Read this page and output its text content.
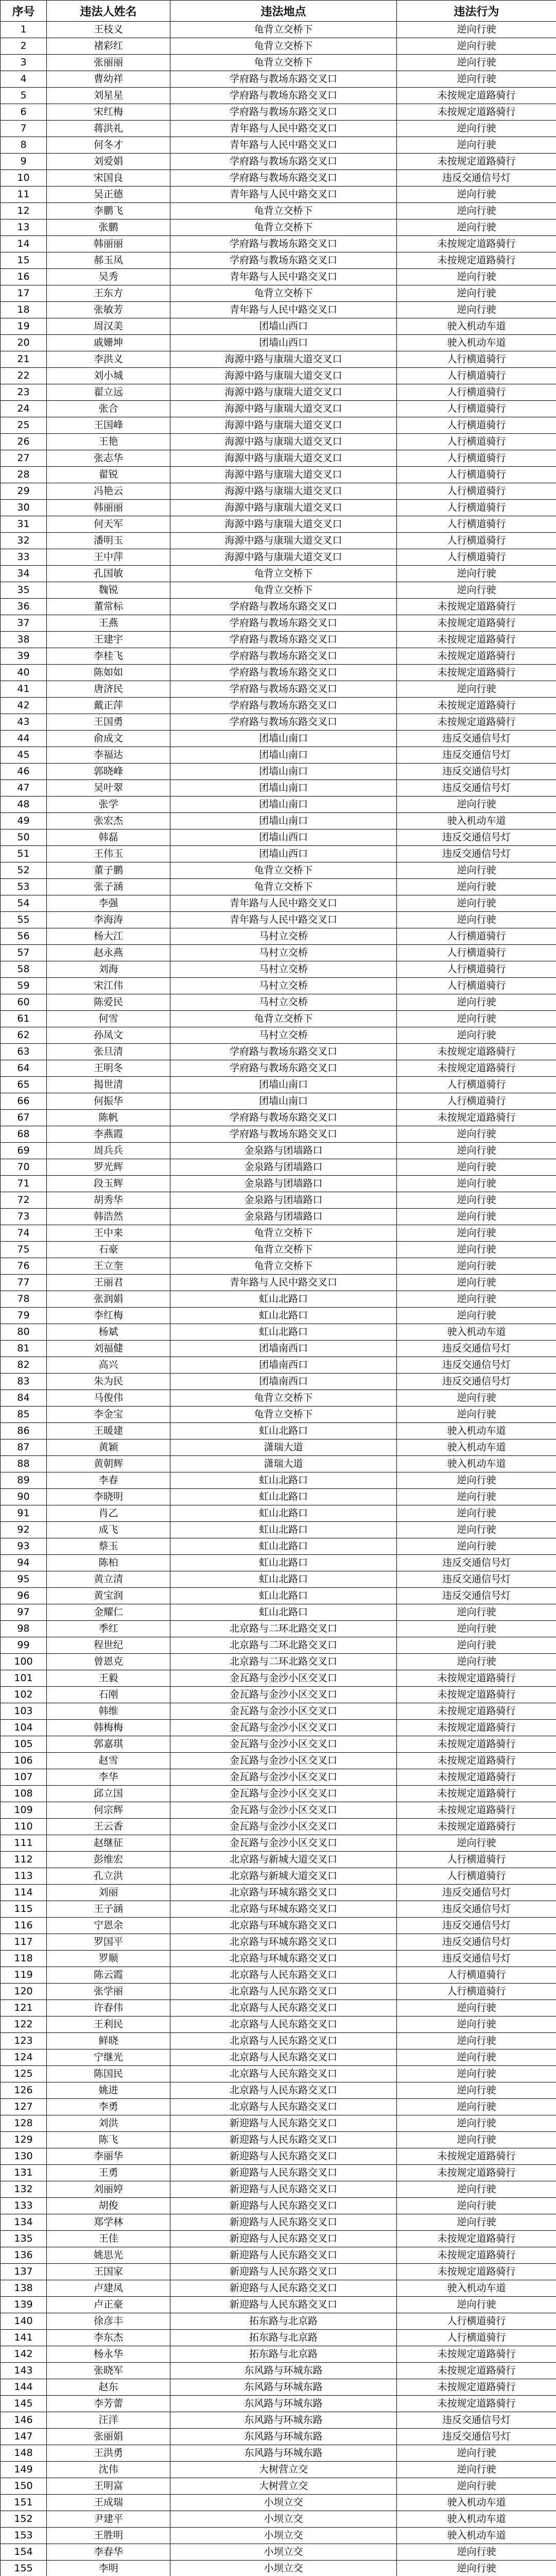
序号	违法人姓名	违法地点	违法行为
1	王枝义	龟背立交桥下	逆向行驶
2	褚彩红	龟背立交桥下	逆向行驶
3	张丽丽	龟背立交桥下	逆向行驶
4	曹幼祥	学府路与教场东路交叉口	逆向行驶
5	刘星星	学府路与教场东路交叉口	未按规定道路骑行
6	宋红梅	学府路与教场东路交叉口	未按规定道路骑行
7	蒋洪礼	青年路与人民中路交叉口	逆向行驶
8	何冬才	青年路与人民中路交叉口	逆向行驶
9	刘爱娟	学府路与教场东路交叉口	未按规定道路骑行
10	宋国良	学府路与教场东路交叉口	违反交通信号灯
11	吴正德	青年路与人民中路交叉口	逆向行驶
12	李鹏飞	龟背立交桥下	逆向行驶
13	张鹏	龟背立交桥下	逆向行驶
14	韩丽丽	学府路与教场东路交叉口	未按规定道路骑行
15	郝玉凤	学府路与教场东路交叉口	未按规定道路骑行
16	吴秀	青年路与人民中路交叉口	逆向行驶
17	王东方	龟背立交桥下	逆向行驶
18	张敏芳	青年路与人民中路交叉口	逆向行驶
19	周汉美	团墙山西口	驶入机动车道
20	戚姗坤	团墙山西口	驶入机动车道
21	李洪义	海源中路与康瑞大道交叉口	人行横道骑行
22	刘小城	海源中路与康瑞大道交叉口	人行横道骑行
23	翟立远	海源中路与康瑞大道交叉口	人行横道骑行
24	张合	海源中路与康瑞大道交叉口	人行横道骑行
25	王国峰	海源中路与康瑞大道交叉口	人行横道骑行
26	王艳	海源中路与康瑞大道交叉口	人行横道骑行
27	张志华	海源中路与康瑞大道交叉口	人行横道骑行
28	翟锐	海源中路与康瑞大道交叉口	人行横道骑行
29	冯艳云	海源中路与康瑞大道交叉口	人行横道骑行
30	韩丽丽	海源中路与康瑞大道交叉口	人行横道骑行
31	何天军	海源中路与康瑞大道交叉口	人行横道骑行
32	潘明玉	海源中路与康瑞大道交叉口	人行横道骑行
33	王中萍	海源中路与康瑞大道交叉口	人行横道骑行
34	孔国敏	龟背立交桥下	逆向行驶
35	魏锐	龟背立交桥下	逆向行驶
36	董常标	学府路与教场东路交叉口	未按规定道路骑行
37	王燕	学府路与教场东路交叉口	未按规定道路骑行
38	王建宇	学府路与教场东路交叉口	未按规定道路骑行
39	李桂飞	学府路与教场东路交叉口	未按规定道路骑行
40	陈如如	学府路与教场东路交叉口	未按规定道路骑行
41	唐济民	学府路与教场东路交叉口	逆向行驶
42	戴正萍	学府路与教场东路交叉口	未按规定道路骑行
43	王国勇	学府路与教场东路交叉口	未按规定道路骑行
44	俞成文	团墙山南口	违反交通信号灯
45	李福达	团墙山南口	违反交通信号灯
46	郭晓峰	团墙山南口	违反交通信号灯
47	吴叶翠	团墙山南口	违反交通信号灯
48	张学	团墙山南口	逆向行驶
49	张宏杰	团墙山南口	驶入机动车道
50	韩磊	团墙山西口	违反交通信号灯
51	王伟玉	团墙山西口	违反交通信号灯
52	董子鹏	龟背立交桥下	逆向行驶
53	张子涵	龟背立交桥下	逆向行驶
54	李强	青年路与人民中路交叉口	逆向行驶
55	李海涛	青年路与人民中路交叉口	逆向行驶
56	杨大江	马村立交桥	人行横道骑行
57	赵永燕	马村立交桥	人行横道骑行
58	刘海	马村立交桥	人行横道骑行
59	宋江伟	马村立交桥	人行横道骑行
60	陈爱民	马村立交桥	逆向行驶
61	何雪	龟背立交桥下	逆向行驶
62	孙凤文	马村立交桥	逆向行驶
63	张旦清	学府路与教场东路交叉口	未按规定道路骑行
64	王明冬	学府路与教场东路交叉口	未按规定道路骑行
65	揭世清	团墙山南口	人行横道骑行
66	何振华	团墙山南口	人行横道骑行
67	陈帆	学府路与教场东路交叉口	未按规定道路骑行
68	李燕霞	学府路与教场东路交叉口	逆向行驶
69	周兵兵	金泉路与团墙路口	逆向行驶
70	罗光辉	金泉路与团墙路口	逆向行驶
71	段玉辉	金泉路与团墙路口	逆向行驶
72	胡秀华	金泉路与团墙路口	逆向行驶
73	韩浩然	金泉路与团墙路口	逆向行驶
74	王中来	龟背立交桥下	逆向行驶
75	石豪	龟背立交桥下	逆向行驶
76	王立奎	龟背立交桥下	逆向行驶
77	王丽君	青年路与人民中路交叉口	逆向行驶
78	张润娟	虹山北路口	逆向行驶
79	李红梅	虹山北路口	逆向行驶
80	杨斌	虹山北路口	驶入机动车道
81	刘福健	团墙南西口	违反交通信号灯
82	高兴	团墙南西口	违反交通信号灯
83	朱为民	团墙南西口	违反交通信号灯
84	马俊伟	龟背立交桥下	逆向行驶
85	李金宝	龟背立交桥下	逆向行驶
86	王暖建	虹山北路口	驶入机动车道
87	黄颖	潇瑞大道	驶入机动车道
88	黄朝辉	潇瑞大道	驶入机动车道
89	李春	虹山北路口	逆向行驶
90	李晓明	虹山北路口	逆向行驶
91	肖乙	虹山北路口	逆向行驶
92	成飞	虹山北路口	逆向行驶
93	蔡玉	虹山北路口	逆向行驶
94	陈柏	虹山北路口	违反交通信号灯
95	黄立清	虹山北路口	违反交通信号灯
96	黄宝润	虹山北路口	违反交通信号灯
97	金耀仁	虹山北路口	逆向行驶
98	季红	北京路与二环北路交叉口	逆向行驶
99	程世纪	北京路与二环北路交叉口	逆向行驶
100	曾恩克	北京路与二环北路交叉口	逆向行驶
101	王毅	金瓦路与金沙小区交叉口	未按规定道路骑行
102	石刚	金瓦路与金沙小区交叉口	未按规定道路骑行
103	韩维	金瓦路与金沙小区交叉口	未按规定道路骑行
104	韩梅梅	金瓦路与金沙小区交叉口	未按规定道路骑行
105	郭嘉琪	金瓦路与金沙小区交叉口	未按规定道路骑行
106	赵雪	金瓦路与金沙小区交叉口	未按规定道路骑行
107	李华	金瓦路与金沙小区交叉口	未按规定道路骑行
108	邱立国	金瓦路与金沙小区交叉口	未按规定道路骑行
109	何宗辉	金瓦路与金沙小区交叉口	未按规定道路骑行
110	王云香	金瓦路与金沙小区交叉口	未按规定道路骑行
111	赵继征	金瓦路与金沙小区交叉口	逆向行驶
112	彭维宏	北京路与新城大道交叉口	人行横道骑行
113	孔立洪	北京路与新城大道交叉口	人行横道骑行
114	刘丽	北京路与环城东路交叉口	违反交通信号灯
115	王子涵	北京路与环城东路交叉口	违反交通信号灯
116	宁恩余	北京路与环城东路交叉口	违反交通信号灯
117	罗国平	北京路与环城东路交叉口	违反交通信号灯
118	罗顺	北京路与环城东路交叉口	违反交通信号灯
119	陈云霞	北京路与人民东路交叉口	人行横道骑行
120	张学丽	北京路与人民东路交叉口	人行横道骑行
121	许春伟	北京路与人民东路交叉口	逆向行驶
122	王利民	北京路与人民东路交叉口	逆向行驶
123	鲜晓	北京路与人民东路交叉口	逆向行驶
124	宁继光	北京路与人民东路交叉口	逆向行驶
125	陈国民	北京路与人民东路交叉口	逆向行驶
126	姚进	北京路与人民东路交叉口	逆向行驶
127	李勇	北京路与人民东路交叉口	逆向行驶
128	刘洪	新迎路与人民东路交叉口	逆向行驶
129	陈飞	新迎路与人民东路交叉口	逆向行驶
130	李丽华	新迎路与人民东路交叉口	未按规定道路骑行
131	王勇	新迎路与人民东路交叉口	未按规定道路骑行
132	刘丽婷	新迎路与人民东路交叉口	逆向行驶
133	胡俊	新迎路与人民东路交叉口	逆向行驶
134	郑学林	新迎路与人民东路交叉口	逆向行驶
135	王佳	新迎路与人民东路交叉口	未按规定道路骑行
136	姚思光	新迎路与人民东路交叉口	未按规定道路骑行
137	王国家	新迎路与人民东路交叉口	未按规定道路骑行
138	卢建凤	新迎路与人民东路交叉口	驶入机动车道
139	卢正豪	新迎路与人民东路交叉口	逆向行驶
140	徐彦丰	拓东路与北京路	人行横道骑行
141	李东杰	拓东路与北京路	人行横道骑行
142	杨永华	拓东路与北京路	未按规定道路骑行
143	张晓军	东风路与环城东路	未按规定道路骑行
144	赵东	东风路与环城东路	未按规定道路骑行
145	李芳蕾	东风路与环城东路	未按规定道路骑行
146	汪洋	东风路与环城东路	违反交通信号灯
147	张丽娟	东风路与环城东路	违反交通信号灯
148	王洪勇	东风路与环城东路	逆向行驶
149	沈伟	大树营立交	逆向行驶
150	王明富	大树营立交	逆向行驶
151	王成瑞	小坝立交	驶入机动车道
152	尹建平	小坝立交	驶入机动车道
153	王胜明	小坝立交	驶入机动车道
154	李春华	小坝立交	逆向行驶
155	李明	小坝立交	逆向行驶
